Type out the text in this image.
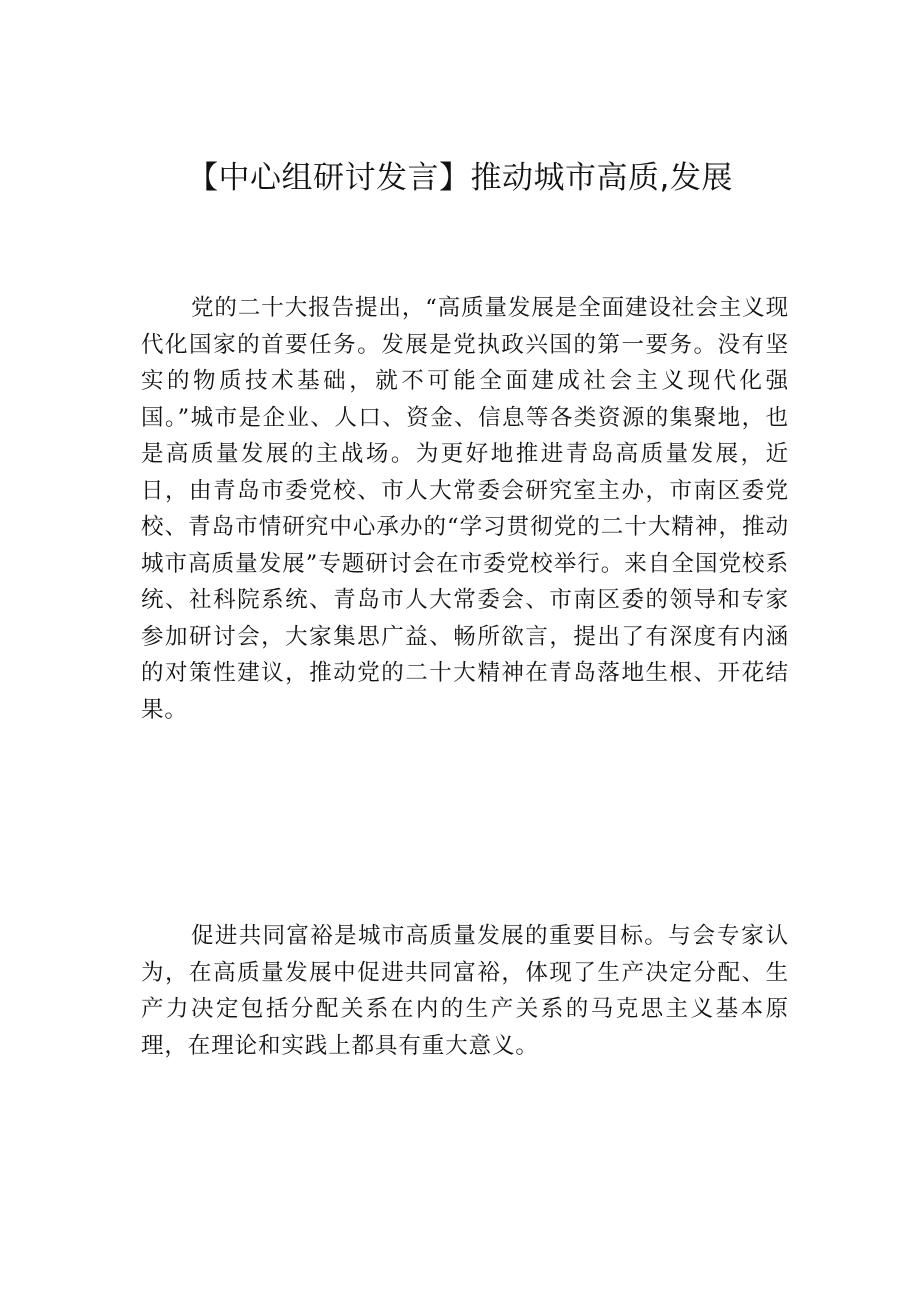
【中心组研讨发言】推动城市高质,发展

党的二十大报告提出，“高质量发展是全面建设社会主义现代化国家的首要任务。发展是党执政兴国的第一要务。没有坚实的物质技术基础，就不可能全面建成社会主义现代化强国。”城市是企业、人口、资金、信息等各类资源的集聚地，也是高质量发展的主战场。为更好地推进青岛高质量发展，近日，由青岛市委党校、市人大常委会研究室主办，市南区委党校、青岛市情研究中心承办的“学习贯彻党的二十大精神，推动城市高质量发展”专题研讨会在市委党校举行。来自全国党校系统、社科院系统、青岛市人大常委会、市南区委的领导和专家参加研讨会，大家集思广益、畅所欲言，提出了有深度有内涵的对策性建议，推动党的二十大精神在青岛落地生根、开花结果。

促进共同富裕是城市高质量发展的重要目标。与会专家认为，在高质量发展中促进共同富裕，体现了生产决定分配、生产力决定包括分配关系在内的生产关系的马克思主义基本原理，在理论和实践上都具有重大意义。
